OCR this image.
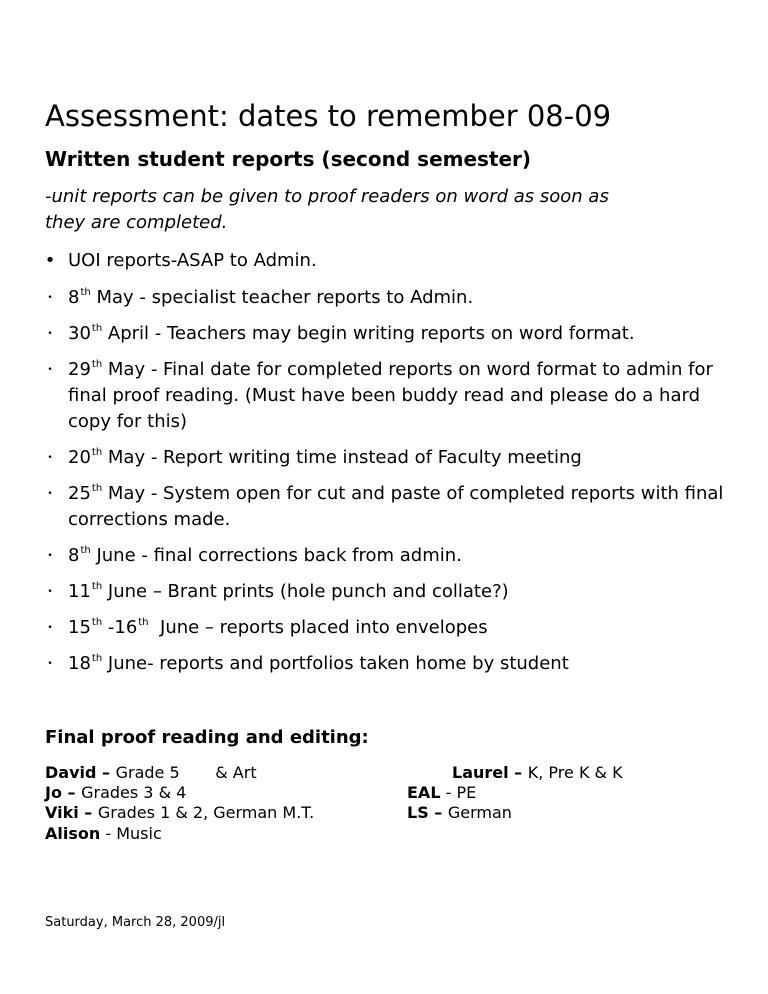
Assessment: dates to remember 08-09
Written student reports (second semester)

-unit reports can be given to proof readers on word as soon as
they are completed.

• UOI reports-ASAP to Admin.
• 8th May - specialist teacher reports to Admin.
• 30th April - Teachers may begin writing reports on word format.
• 29th May - Final date for completed reports on word format to admin for final proof reading. (Must have been buddy read and please do a hard copy for this)
• 20th May - Report writing time instead of Faculty meeting
• 25th May - System open for cut and paste of completed reports with final corrections made.
• 8th June - final corrections back from admin.
• 11th June – Brant prints (hole punch and collate?)
• 15th -16th  June – reports placed into envelopes
• 18th June- reports and portfolios taken home by student
Final proof reading and editing:
David – Grade 5       & Art
Jo – Grades 3 & 4
Viki – Grades 1 & 2, German M.T.
Alison - Music
Laurel – K, Pre K & K
EAL - PE
LS – German
Saturday, March 28, 2009/jl
